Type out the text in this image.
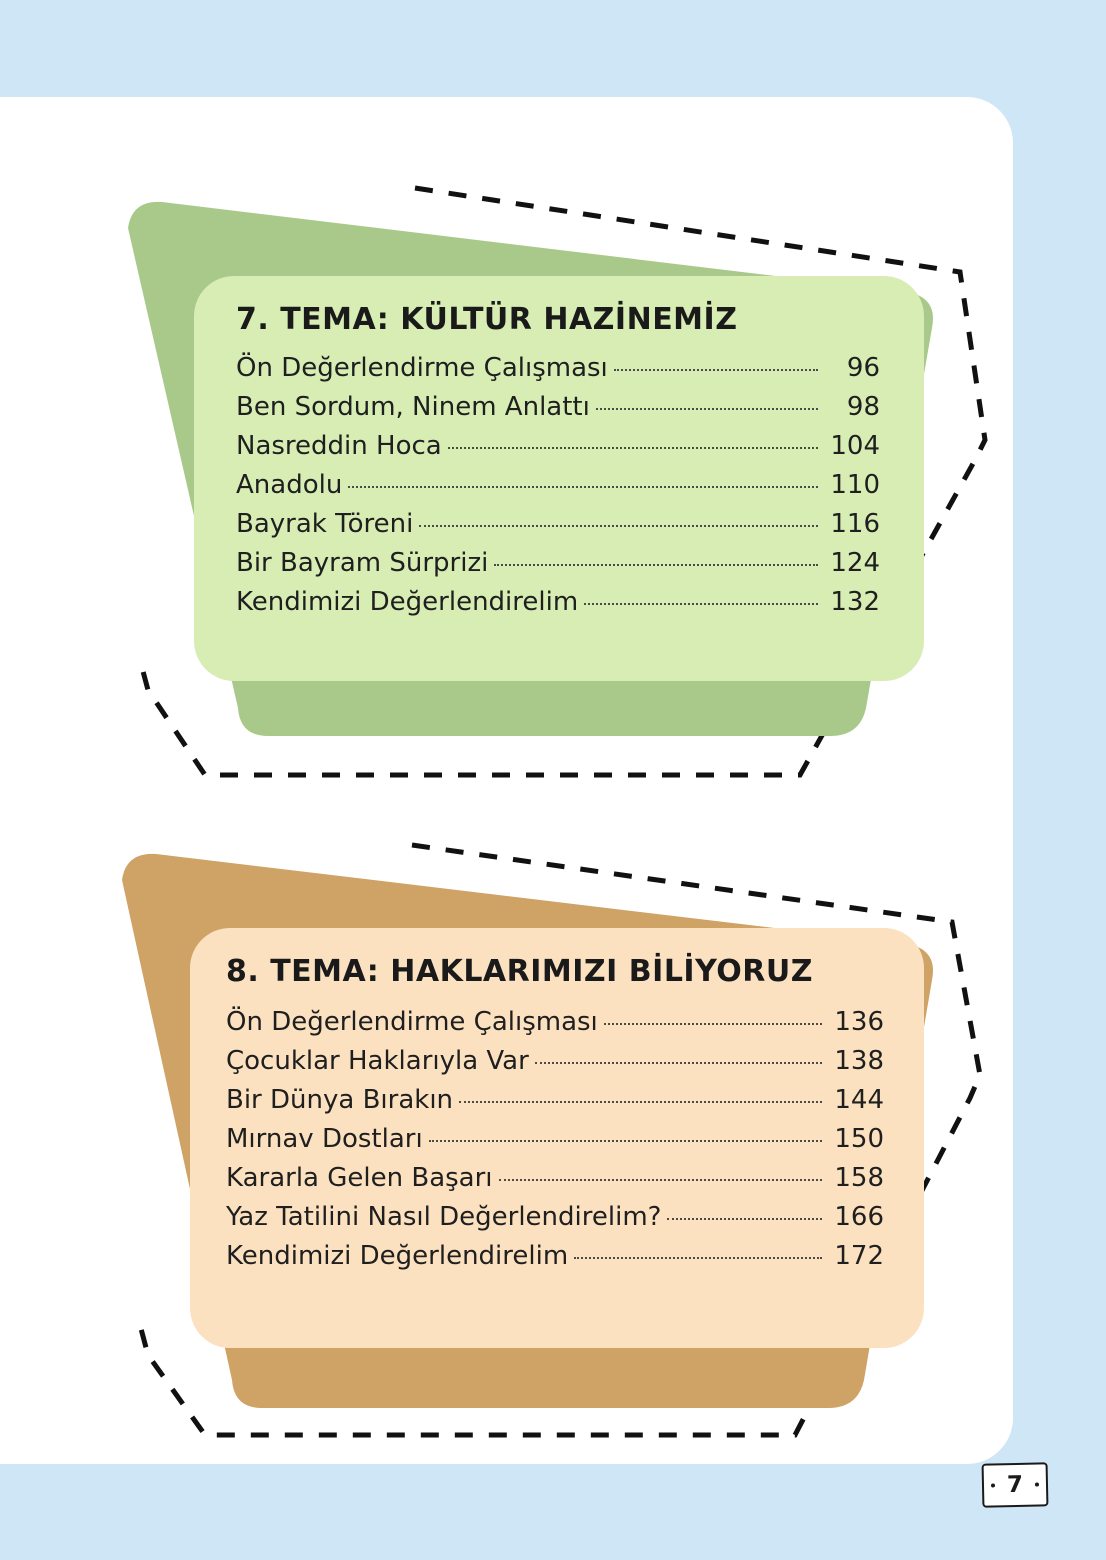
7. TEMA: KÜLTÜR HAZİNEMİZ
Ön Değerlendirme Çalışması	96
Ben Sordum, Ninem Anlattı	98
Nasreddin Hoca	104
Anadolu	110
Bayrak Töreni	116
Bir Bayram Sürprizi	124
Kendimizi Değerlendirelim	132
8. TEMA: HAKLARIMIZI BİLİYORUZ
Ön Değerlendirme Çalışması	136
Çocuklar Haklarıyla Var	138
Bir Dünya Bırakın	144
Mırnav Dostları	150
Kararla Gelen Başarı	158
Yaz Tatilini Nasıl Değerlendirelim?	166
Kendimizi Değerlendirelim	172
7
